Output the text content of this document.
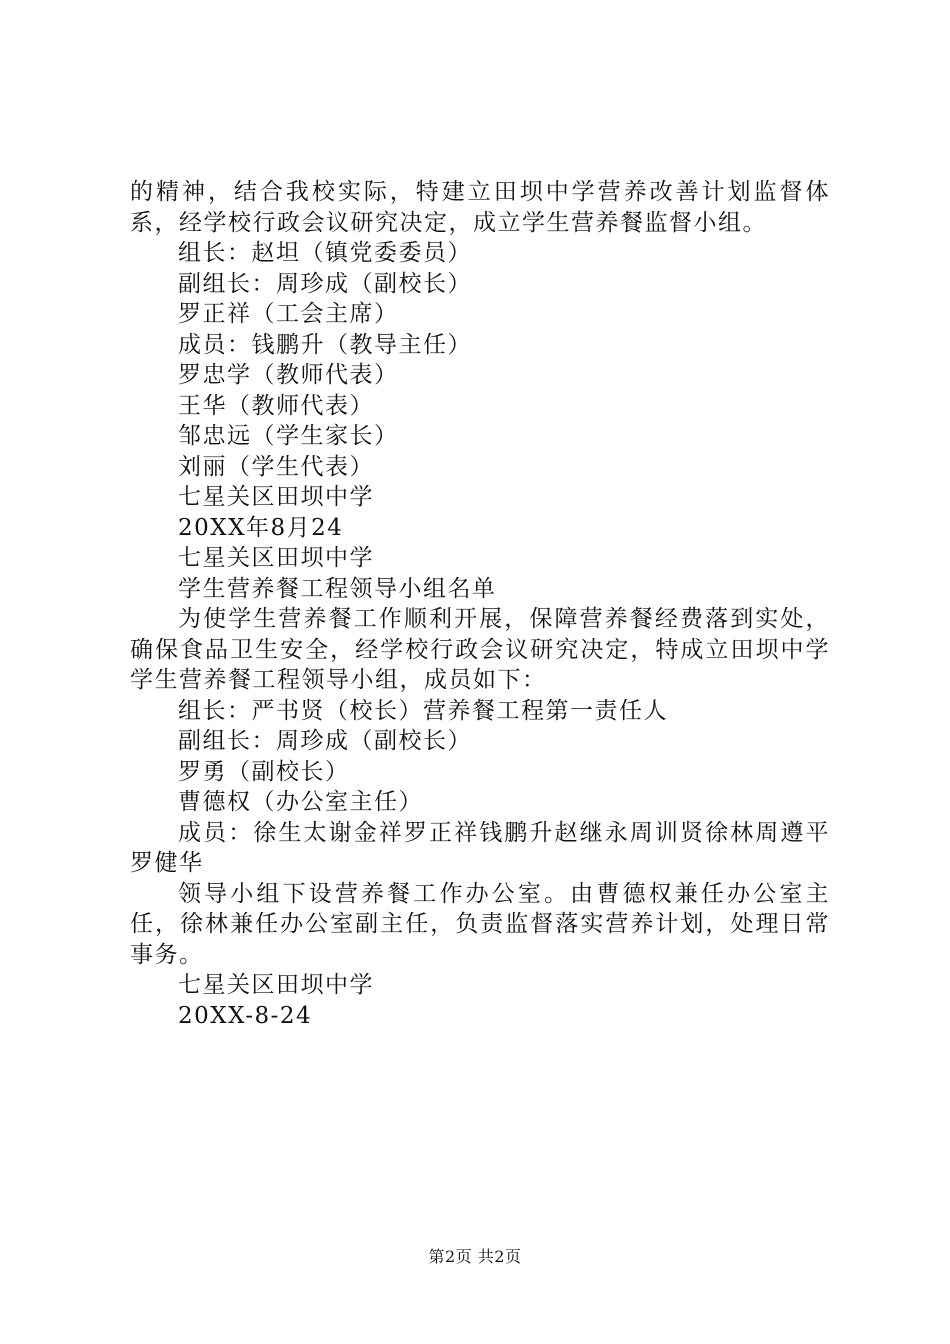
的精神，结合我校实际，特建立田坝中学营养改善计划监督体系，经学校行政会议研究决定，成立学生营养餐监督小组。
组长：赵坦（镇党委委员）
副组长：周珍成（副校长）
罗正祥（工会主席）
成员：钱鹏升（教导主任）
罗忠学（教师代表）
王华（教师代表）
邹忠远（学生家长）
刘丽（学生代表）
七星关区田坝中学
20XX年8月24
七星关区田坝中学
学生营养餐工程领导小组名单
为使学生营养餐工作顺利开展，保障营养餐经费落到实处，确保食品卫生安全，经学校行政会议研究决定，特成立田坝中学学生营养餐工程领导小组，成员如下：
组长：严书贤（校长）营养餐工程第一责任人
副组长：周珍成（副校长）
罗勇（副校长）
曹德权（办公室主任）
成员：徐生太谢金祥罗正祥钱鹏升赵继永周训贤徐林周遵平罗健华
领导小组下设营养餐工作办公室。由曹德权兼任办公室主任，徐林兼任办公室副主任，负责监督落实营养计划，处理日常事务。
七星关区田坝中学
20XX-8-24
第2页 共2页
